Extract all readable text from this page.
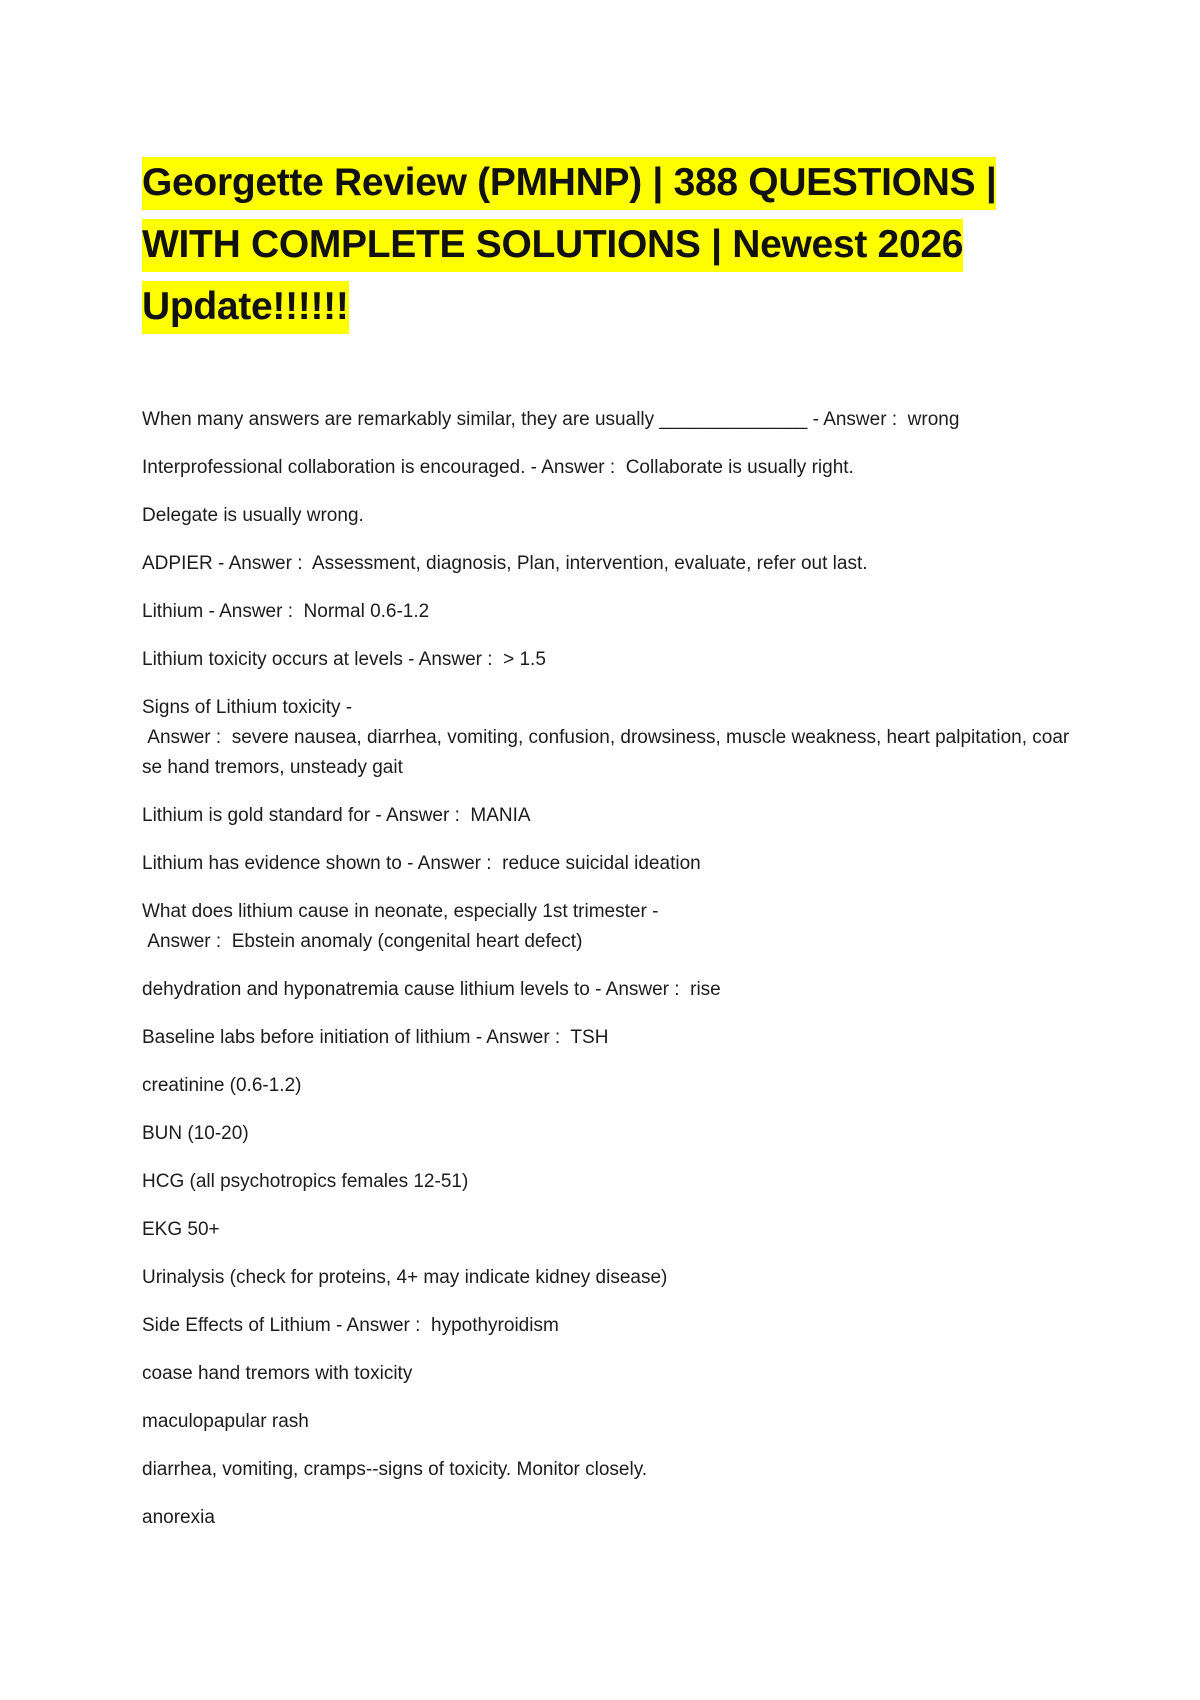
Georgette Review (PMHNP) | 388 QUESTIONS | WITH COMPLETE SOLUTIONS | Newest 2026 Update!!!!!!
When many answers are remarkably similar, they are usually ______________ - Answer :  wrong
Interprofessional collaboration is encouraged. - Answer :  Collaborate is usually right.
Delegate is usually wrong.
ADPIER - Answer :  Assessment, diagnosis, Plan, intervention, evaluate, refer out last.
Lithium - Answer :  Normal 0.6-1.2
Lithium toxicity occurs at levels - Answer :  > 1.5
Signs of Lithium toxicity -
Answer :  severe nausea, diarrhea, vomiting, confusion, drowsiness, muscle weakness, heart palpitation, coarse hand tremors, unsteady gait
Lithium is gold standard for - Answer :  MANIA
Lithium has evidence shown to - Answer :  reduce suicidal ideation
What does lithium cause in neonate, especially 1st trimester -
Answer :  Ebstein anomaly (congenital heart defect)
dehydration and hyponatremia cause lithium levels to - Answer :  rise
Baseline labs before initiation of lithium - Answer :  TSH
creatinine (0.6-1.2)
BUN (10-20)
HCG (all psychotropics females 12-51)
EKG 50+
Urinalysis (check for proteins, 4+ may indicate kidney disease)
Side Effects of Lithium - Answer :  hypothyroidism
coase hand tremors with toxicity
maculopapular rash
diarrhea, vomiting, cramps--signs of toxicity. Monitor closely.
anorexia
